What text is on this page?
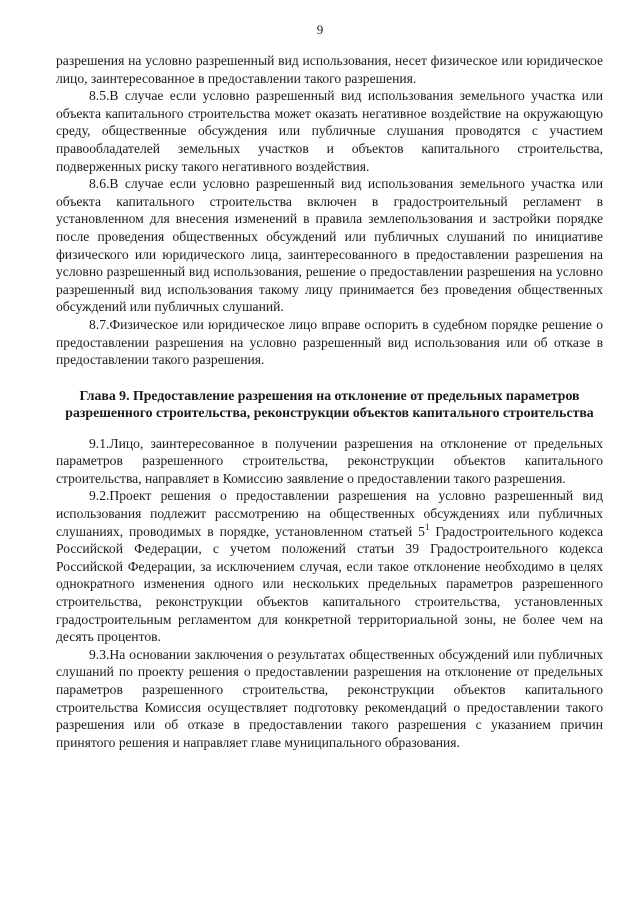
9

разрешения на условно разрешенный вид использования, несет физическое или юридическое лицо, заинтересованное в предоставлении такого разрешения.

8.5.В случае если условно разрешенный вид использования земельного участка или объекта капитального строительства может оказать негативное воздействие на окружающую среду, общественные обсуждения или публичные слушания проводятся с участием правообладателей земельных участков и объектов капитального строительства, подверженных риску такого негативного воздействия.

8.6.В случае если условно разрешенный вид использования земельного участка или объекта капитального строительства включен в градостроительный регламент в установленном для внесения изменений в правила землепользования и застройки порядке после проведения общественных обсуждений или публичных слушаний по инициативе физического или юридического лица, заинтересованного в предоставлении разрешения на условно разрешенный вид использования, решение о предоставлении разрешения на условно разрешенный вид использования такому лицу принимается без проведения общественных обсуждений или публичных слушаний.

8.7.Физическое или юридическое лицо вправе оспорить в судебном порядке решение о предоставлении разрешения на условно разрешенный вид использования или об отказе в предоставлении такого разрешения.

Глава 9. Предоставление разрешения на отклонение от предельных параметров разрешенного строительства, реконструкции объектов капитального строительства

9.1.Лицо, заинтересованное в получении разрешения на отклонение от предельных параметров разрешенного строительства, реконструкции объектов капитального строительства, направляет в Комиссию заявление о предоставлении такого разрешения.

9.2.Проект решения о предоставлении разрешения на условно разрешенный вид использования подлежит рассмотрению на общественных обсуждениях или публичных слушаниях, проводимых в порядке, установленном статьей $5^1$ Градостроительного кодекса Российской Федерации, с учетом положений статьи 39 Градостроительного кодекса Российской Федерации, за исключением случая, если такое отклонение необходимо в целях однократного изменения одного или нескольких предельных параметров разрешенного строительства, реконструкции объектов капитального строительства, установленных градостроительным регламентом для конкретной территориальной зоны, не более чем на десять процентов.

9.3.На основании заключения о результатах общественных обсуждений или публичных слушаний по проекту решения о предоставлении разрешения на отклонение от предельных параметров разрешенного строительства, реконструкции объектов капитального строительства Комиссия осуществляет подготовку рекомендаций о предоставлении такого разрешения или об отказе в предоставлении такого разрешения с указанием причин принятого решения и направляет главе муниципального образования.
